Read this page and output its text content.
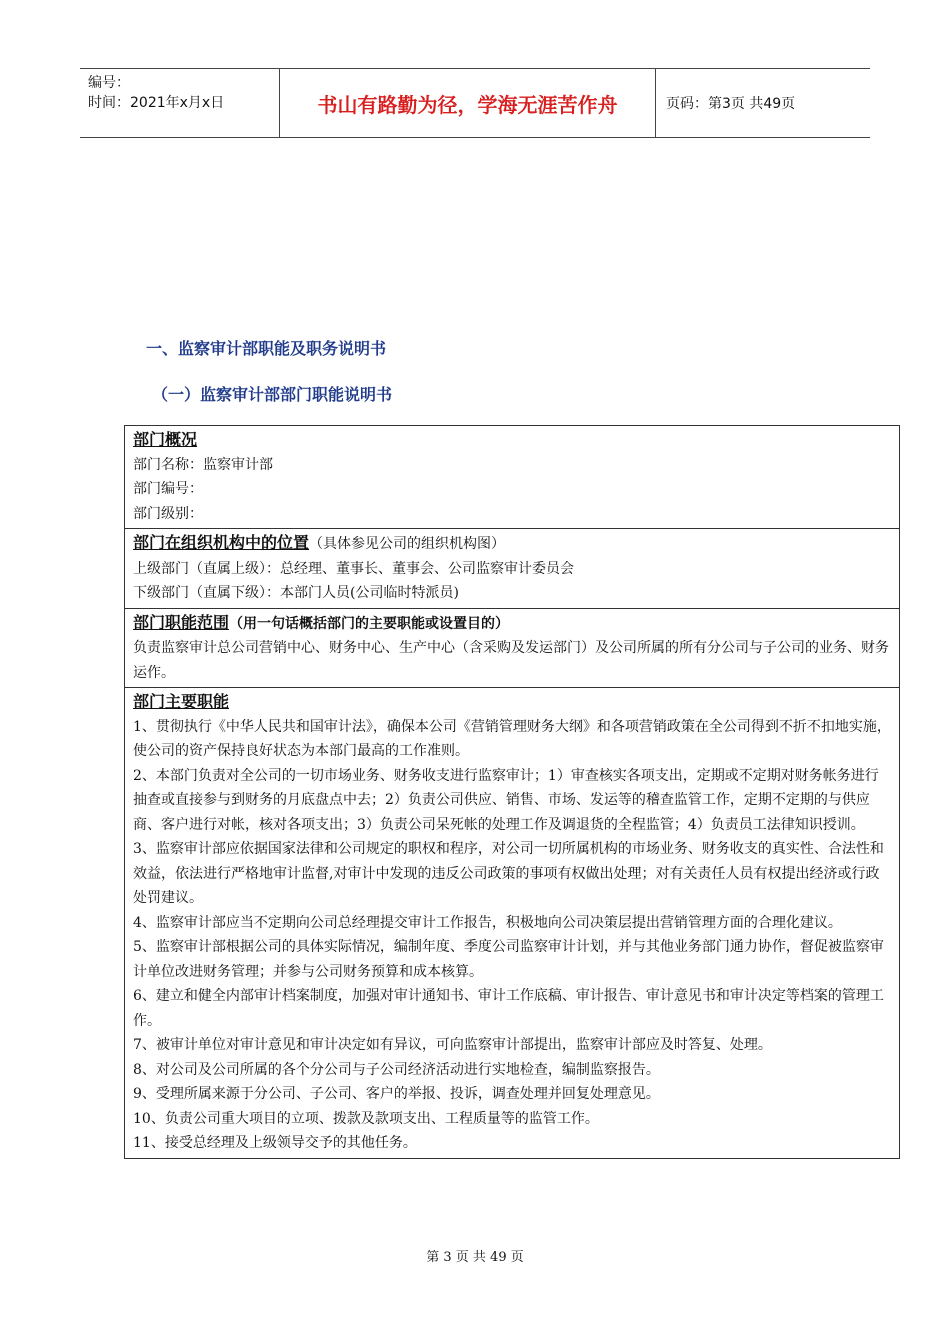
编号：
时间：2021年x月x日	书山有路勤为径，学海无涯苦作舟	页码：第3页 共49页
一、监察审计部职能及职务说明书
（一）监察审计部部门职能说明书
部门概况
部门名称：监察审计部
部门编号：
部门级别：
部门在组织机构中的位置（具体参见公司的组织机构图）
上级部门（直属上级）：总经理、董事长、董事会、公司监察审计委员会
下级部门（直属下级）：本部门人员(公司临时特派员)
部门职能范围（用一句话概括部门的主要职能或设置目的）
负责监察审计总公司营销中心、财务中心、生产中心（含采购及发运部门）及公司所属的所有分公司与子公司的业务、财务运作。
部门主要职能
1、贯彻执行《中华人民共和国审计法》，确保本公司《营销管理财务大纲》和各项营销政策在全公司得到不折不扣地实施，使公司的资产保持良好状态为本部门最高的工作准则。
2、本部门负责对全公司的一切市场业务、财务收支进行监察审计；1）审查核实各项支出，定期或不定期对财务帐务进行抽查或直接参与到财务的月底盘点中去；2）负责公司供应、销售、市场、发运等的稽查监管工作，定期不定期的与供应商、客户进行对帐，核对各项支出；3）负责公司呆死帐的处理工作及调退货的全程监管；4）负责员工法律知识授训。
3、监察审计部应依据国家法律和公司规定的职权和程序，对公司一切所属机构的市场业务、财务收支的真实性、合法性和效益，依法进行严格地审计监督,对审计中发现的违反公司政策的事项有权做出处理；对有关责任人员有权提出经济或行政处罚建议。
4、监察审计部应当不定期向公司总经理提交审计工作报告，积极地向公司决策层提出营销管理方面的合理化建议。
5、监察审计部根据公司的具体实际情况，编制年度、季度公司监察审计计划，并与其他业务部门通力协作，督促被监察审计单位改进财务管理；并参与公司财务预算和成本核算。
6、建立和健全内部审计档案制度，加强对审计通知书、审计工作底稿、审计报告、审计意见书和审计决定等档案的管理工作。
7、被审计单位对审计意见和审计决定如有异议，可向监察审计部提出，监察审计部应及时答复、处理。
8、对公司及公司所属的各个分公司与子公司经济活动进行实地检查，编制监察报告。
9、受理所属来源于分公司、子公司、客户的举报、投诉，调查处理并回复处理意见。
10、负责公司重大项目的立项、拨款及款项支出、工程质量等的监管工作。
11、接受总经理及上级领导交予的其他任务。
第 3 页 共 49 页
